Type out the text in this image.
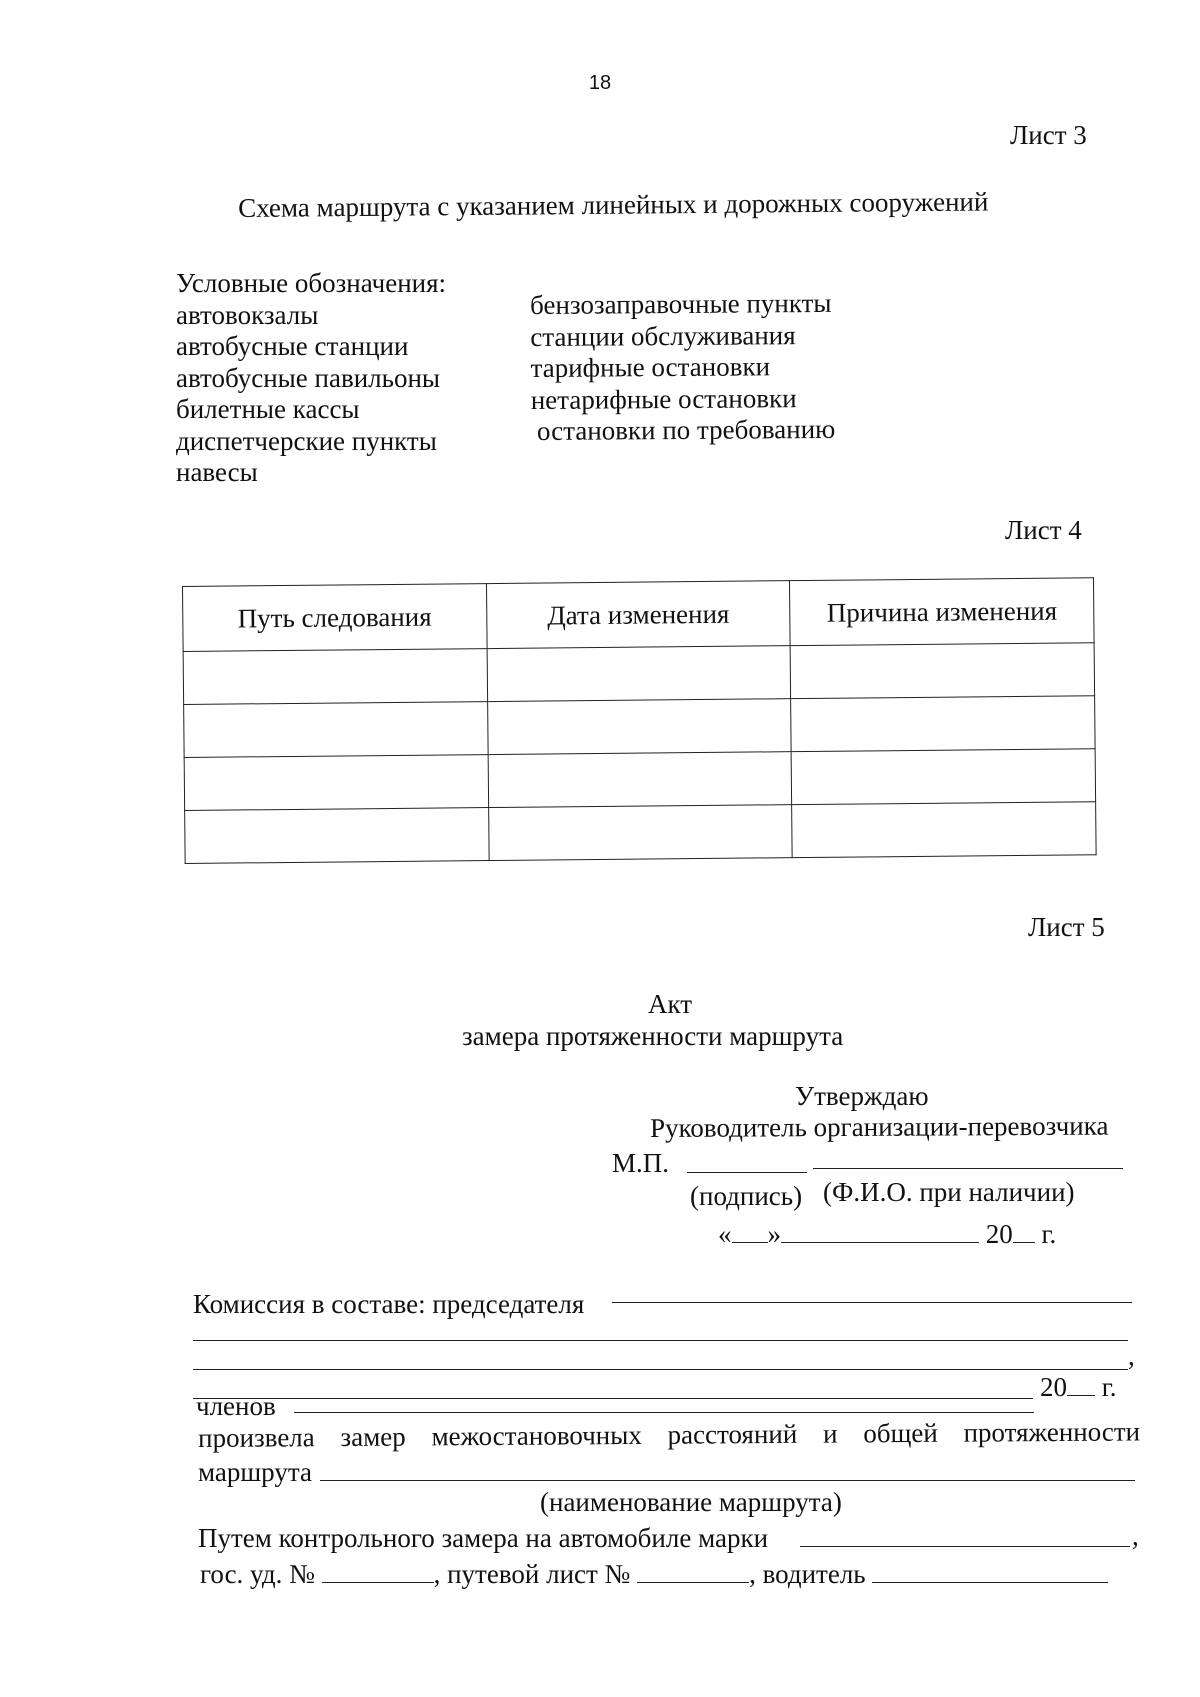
18
Лист 3
Схема маршрута с указанием линейных и дорожных сооружений
Условные обозначения:
автовокзалы
автобусные станции
автобусные павильоны
билетные кассы
диспетчерские пункты
навесы
бензозаправочные пункты
станции обслуживания
тарифные остановки
нетарифные остановки
остановки по требованию
Лист 4
Путь следования	Дата изменения	Причина изменения

Лист 5
Акт
замера протяженности маршрута
Утверждаю
Руководитель организации-перевозчика
М.П.
(подпись) (Ф.И.О. при наличии)
« »	20 г.
Комиссия в составе: председателя
,
20 г.
членов
произвела замер межостановочных расстояний и общей протяженности
маршрута
(наименование маршрута)
Путем контрольного замера на автомобиле марки	,
гос. уд. №	, путевой лист №	, водитель
